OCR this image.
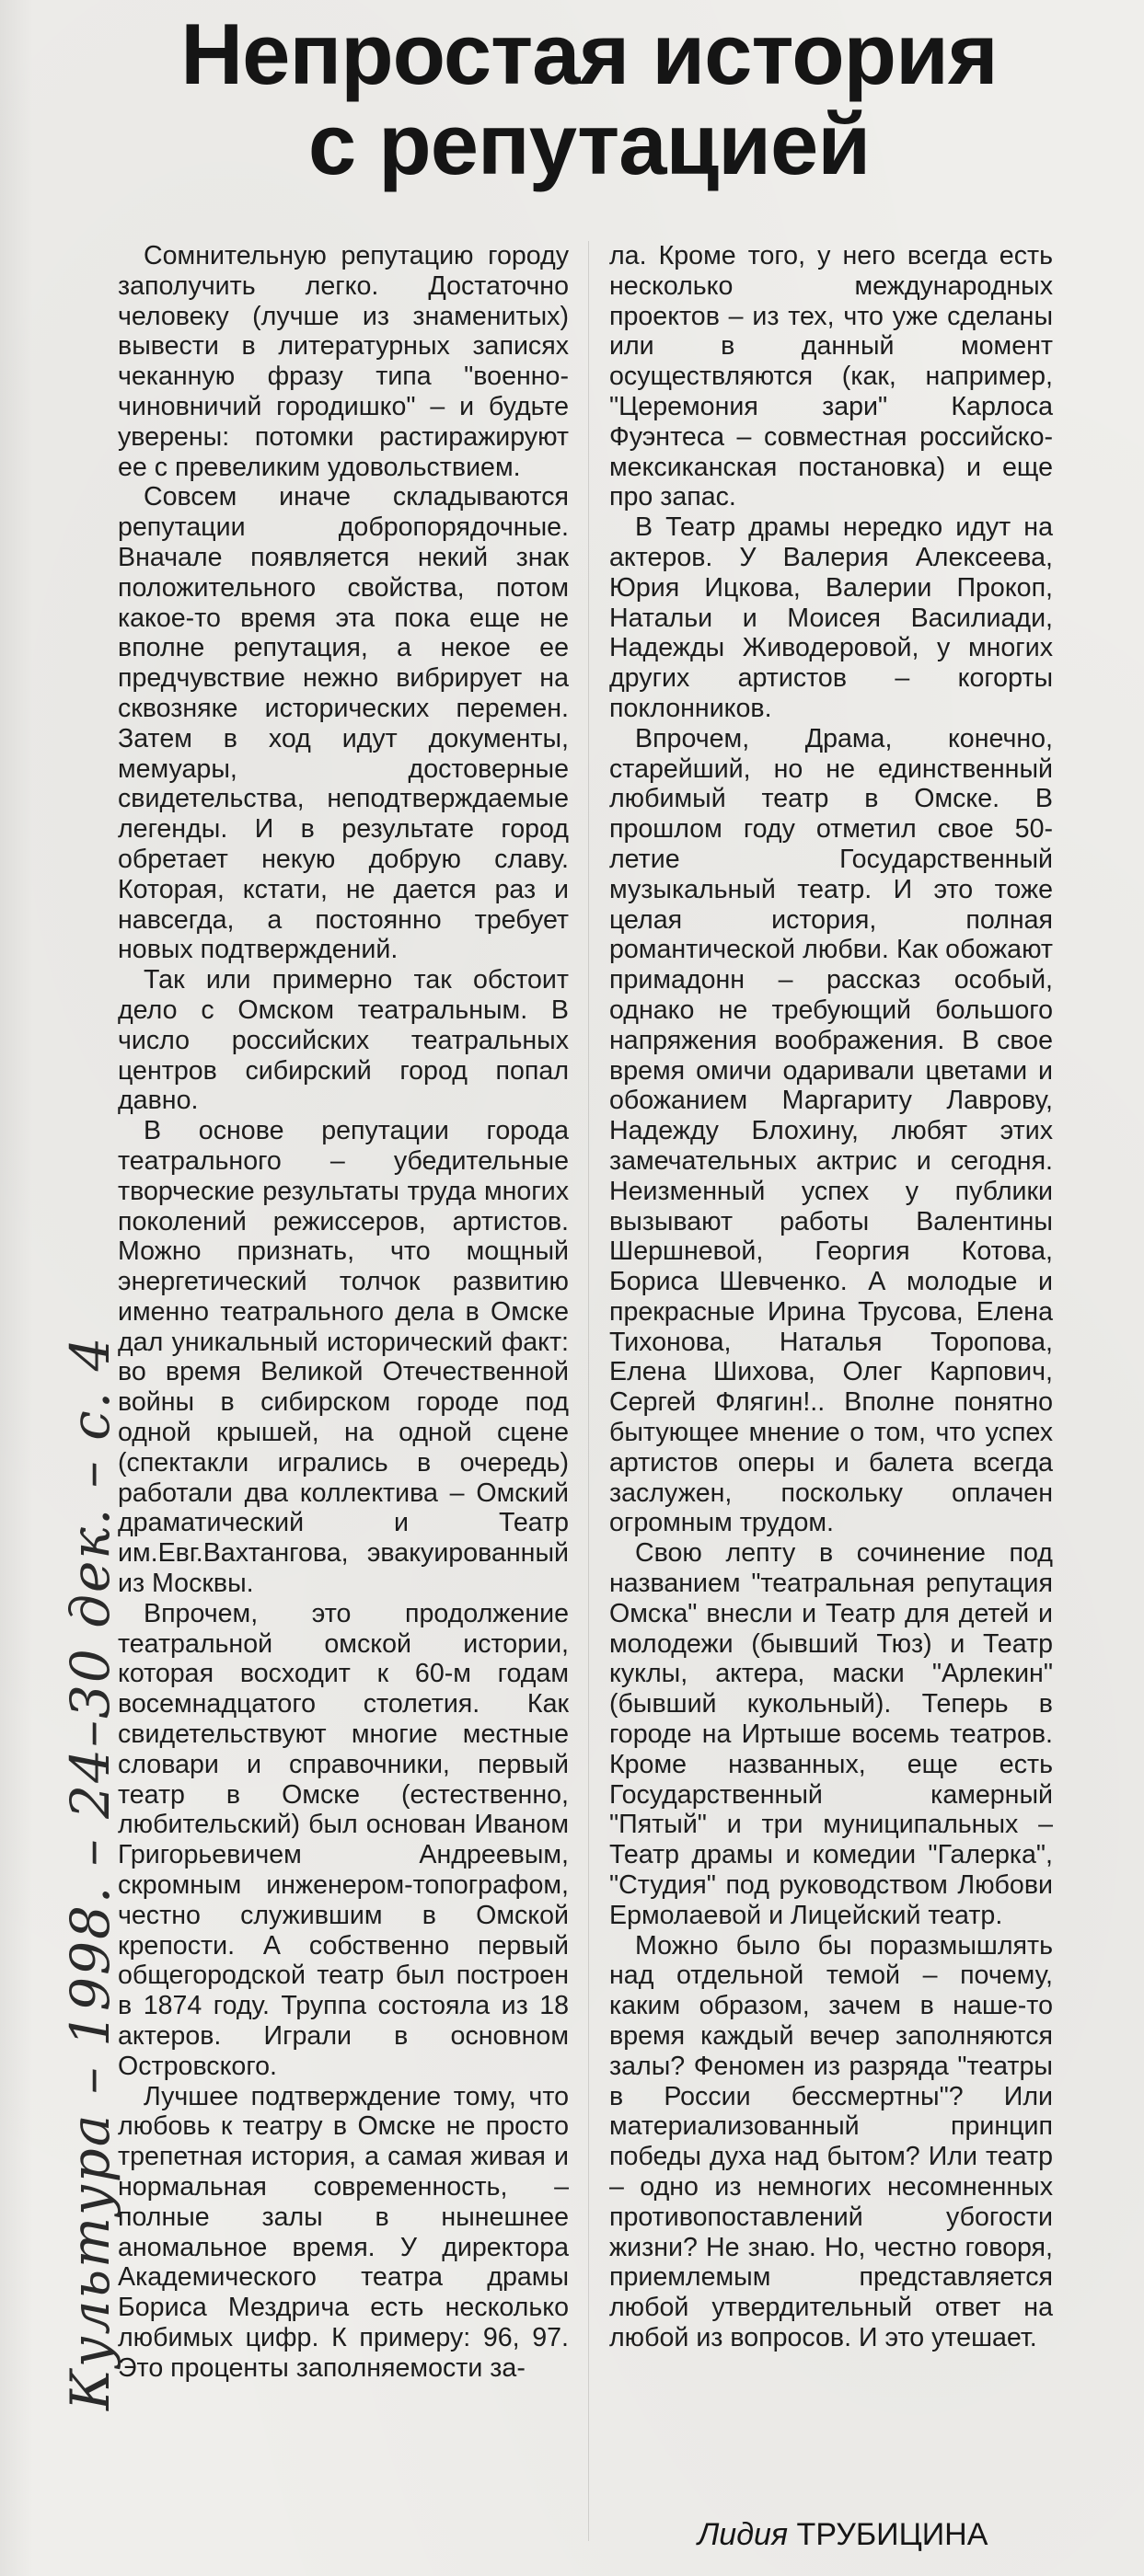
Непростая история
с репутацией
Культура – 1998. – 24–30 дек. – с. 4

Сомнительную репутацию городу заполучить легко. Достаточно человеку (лучше из знаменитых) вывести в литературных записях чеканную фразу типа "военно-чиновничий городишко" – и будьте уверены: потомки растиражируют ее с превеликим удовольствием.

Совсем иначе складываются репутации добропорядочные. Вначале появляется некий знак положительного свойства, потом какое-то время эта пока еще не вполне репутация, а некое ее предчувствие нежно вибрирует на сквозняке исторических перемен. Затем в ход идут документы, мемуары, достоверные свидетельства, неподтверждаемые легенды. И в результате город обретает некую добрую славу. Которая, кстати, не дается раз и навсегда, а постоянно требует новых подтверждений.

Так или примерно так обстоит дело с Омском театральным. В число российских театральных центров сибирский город попал давно.

В основе репутации города театрального – убедительные творческие результаты труда многих поколений режиссеров, артистов. Можно признать, что мощный энергетический толчок развитию именно театрального дела в Омске дал уникальный исторический факт: во время Великой Отечественной войны в сибирском городе под одной крышей, на одной сцене (спектакли игрались в очередь) работали два коллектива – Омский драматический и Театр им.Евг.Вахтангова, эвакуированный из Москвы.

Впрочем, это продолжение театральной омской истории, которая восходит к 60-м годам восемнадцатого столетия. Как свидетельствуют многие местные словари и справочники, первый театр в Омске (естественно, любительский) был основан Иваном Григорьевичем Андреевым, скромным инженером-топографом, честно служившим в Омской крепости. А собственно первый общегородской театр был построен в 1874 году. Труппа состояла из 18 актеров. Играли в основном Островского.

Лучшее подтверждение тому, что любовь к театру в Омске не просто трепетная история, а самая живая и нормальная современность, – полные залы в нынешнее аномальное время. У директора Академического театра драмы Бориса Мездрича есть несколько любимых цифр. К примеру: 96, 97. Это проценты заполняемости за-

ла. Кроме того, у него всегда есть несколько международных проектов – из тех, что уже сделаны или в данный момент осуществляются (как, например, "Церемония зари" Карлоса Фуэнтеса – совместная российско-мексиканская постановка) и еще про запас.

В Театр драмы нередко идут на актеров. У Валерия Алексеева, Юрия Ицкова, Валерии Прокоп, Натальи и Моисея Василиади, Надежды Живодеровой, у многих других артистов – когорты поклонников.

Впрочем, Драма, конечно, старейший, но не единственный любимый театр в Омске. В прошлом году отметил свое 50-летие Государственный музыкальный театр. И это тоже целая история, полная романтической любви. Как обожают примадонн – рассказ особый, однако не требующий большого напряжения воображения. В свое время омичи одаривали цветами и обожанием Маргариту Лаврову, Надежду Блохину, любят этих замечательных актрис и сегодня. Неизменный успех у публики вызывают работы Валентины Шершневой, Георгия Котова, Бориса Шевченко. А молодые и прекрасные Ирина Трусова, Елена Тихонова, Наталья Торопова, Елена Шихова, Олег Карпович, Сергей Флягин!.. Вполне понятно бытующее мнение о том, что успех артистов оперы и балета всегда заслужен, поскольку оплачен огромным трудом.

Свою лепту в сочинение под названием "театральная репутация Омска" внесли и Театр для детей и молодежи (бывший Тюз) и Театр куклы, актера, маски "Арлекин" (бывший кукольный). Теперь в городе на Иртыше восемь театров. Кроме названных, еще есть Государственный камерный "Пятый" и три муниципальных – Театр драмы и комедии "Галерка", "Студия" под руководством Любови Ермолаевой и Лицейский театр.

Можно было бы поразмышлять над отдельной темой – почему, каким образом, зачем в наше-то время каждый вечер заполняются залы? Феномен из разряда "театры в России бессмертны"? Или материализованный принцип победы духа над бытом? Или театр – одно из немногих несомненных противопоставлений убогости жизни? Не знаю. Но, честно говоря, приемлемым представляется любой утвердительный ответ на любой из вопросов. И это утешает.

Лидия ТРУБИЦИНА
